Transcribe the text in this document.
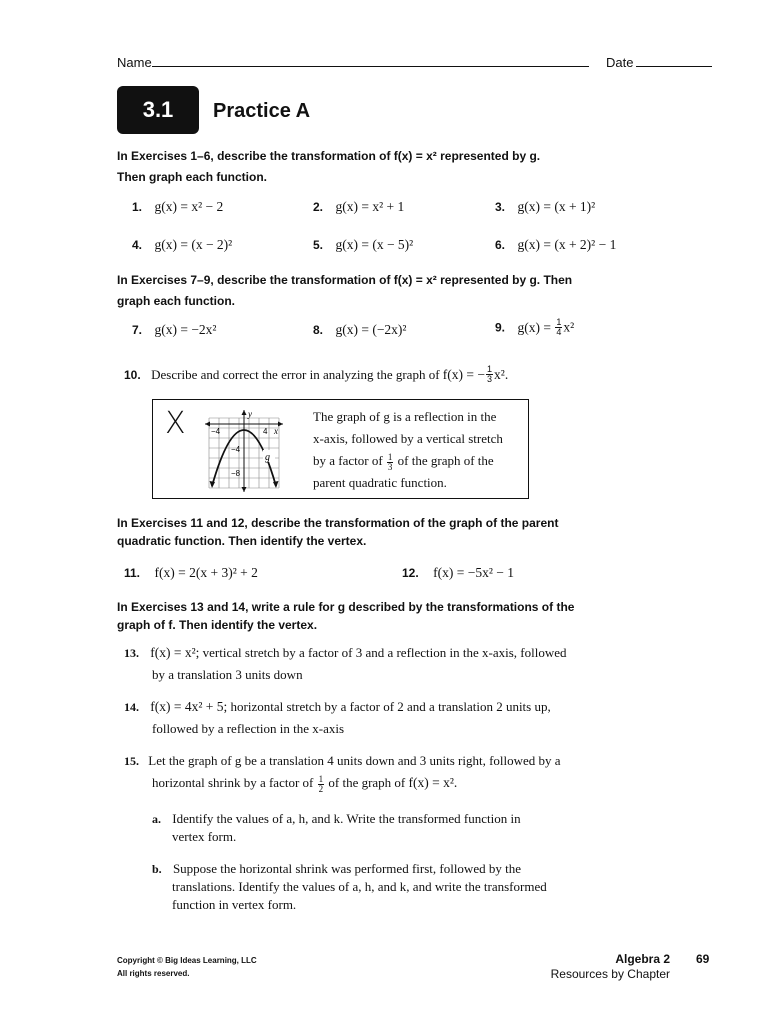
Name	Date
3.1	Practice A
In Exercises 1–6, describe the transformation of f(x) = x² represented by g.
Then graph each function.
1. g(x) = x² − 2	2. g(x) = x² + 1	3. g(x) = (x + 1)²
4. g(x) = (x − 2)²	5. g(x) = (x − 5)²	6. g(x) = (x + 2)² − 1
In Exercises 7–9, describe the transformation of f(x) = x² represented by g. Then
graph each function.
7. g(x) = −2x²	8. g(x) = (−2x)²	9. $g(x) = \frac{1}{4} x^2$
10. Describe and correct the error in analyzing the graph of f(x) = − $\frac{1}{3} x^2$.
X	y
x
−4	4
−4
−8
g
The graph of g is a reflection in the
x-axis, followed by a vertical stretch
by a factor of $\frac{1}{3}$ of the graph of the
parent quadratic function.
In Exercises 11 and 12, describe the transformation of the graph of the parent
quadratic function. Then identify the vertex.
11. f(x) = 2(x + 3)² + 2	12. f(x) = −5x² − 1
In Exercises 13 and 14, write a rule for g described by the transformations of the
graph of f. Then identify the vertex.
13. f(x) = x²; vertical stretch by a factor of 3 and a reflection in the x-axis, followed
by a translation 3 units down
14. f(x) = 4x² + 5; horizontal stretch by a factor of 2 and a translation 2 units up,
followed by a reflection in the x-axis
15. Let the graph of g be a translation 4 units down and 3 units right, followed by a
horizontal shrink by a factor of $\frac{1}{2}$ of the graph of f(x) = x².
a. Identify the values of a, h, and k. Write the transformed function in
vertex form.
b. Suppose the horizontal shrink was performed first, followed by the
translations. Identify the values of a, h, and k, and write the transformed
function in vertex form.
Copyright © Big Ideas Learning, LLC
All rights reserved.
Algebra 2
Resources by Chapter
69
